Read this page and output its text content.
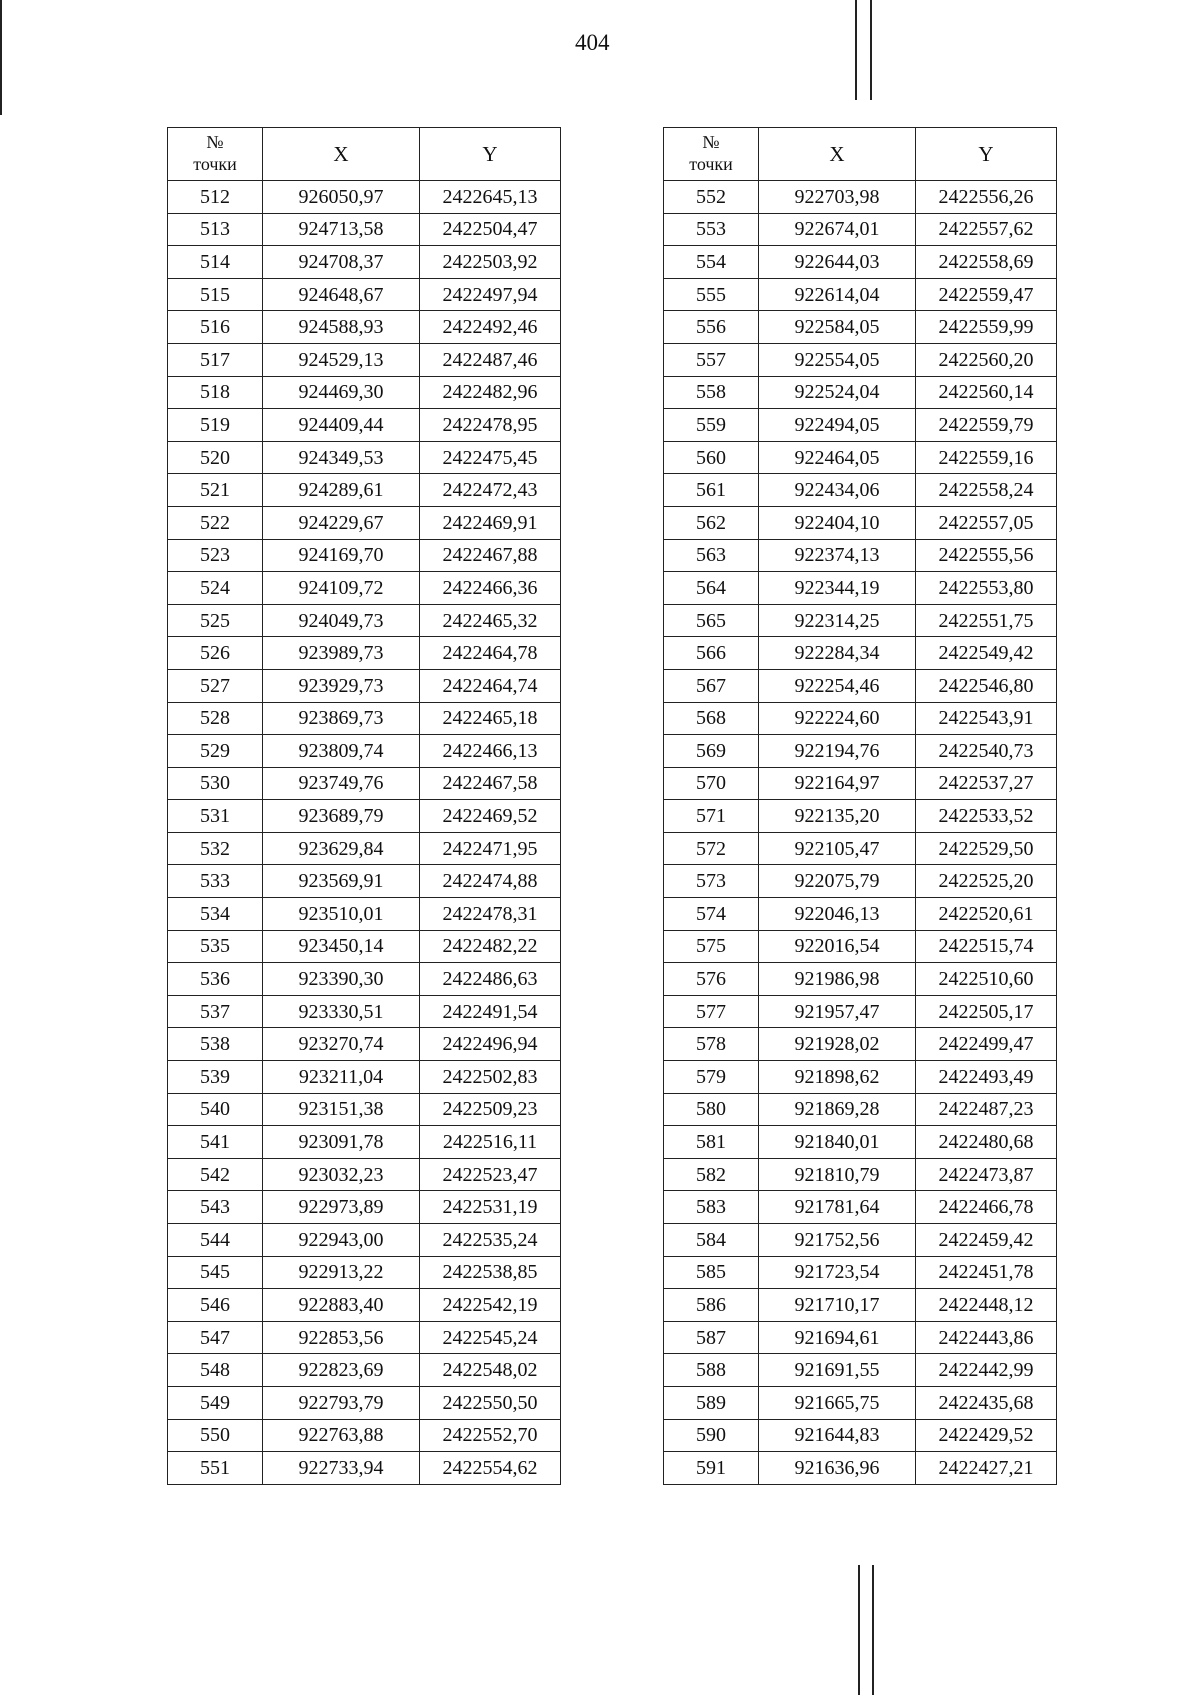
404
№
точки	X	Y
512	926050,97	2422645,13
513	924713,58	2422504,47
514	924708,37	2422503,92
515	924648,67	2422497,94
516	924588,93	2422492,46
517	924529,13	2422487,46
518	924469,30	2422482,96
519	924409,44	2422478,95
520	924349,53	2422475,45
521	924289,61	2422472,43
522	924229,67	2422469,91
523	924169,70	2422467,88
524	924109,72	2422466,36
525	924049,73	2422465,32
526	923989,73	2422464,78
527	923929,73	2422464,74
528	923869,73	2422465,18
529	923809,74	2422466,13
530	923749,76	2422467,58
531	923689,79	2422469,52
532	923629,84	2422471,95
533	923569,91	2422474,88
534	923510,01	2422478,31
535	923450,14	2422482,22
536	923390,30	2422486,63
537	923330,51	2422491,54
538	923270,74	2422496,94
539	923211,04	2422502,83
540	923151,38	2422509,23
541	923091,78	2422516,11
542	923032,23	2422523,47
543	922973,89	2422531,19
544	922943,00	2422535,24
545	922913,22	2422538,85
546	922883,40	2422542,19
547	922853,56	2422545,24
548	922823,69	2422548,02
549	922793,79	2422550,50
550	922763,88	2422552,70
551	922733,94	2422554,62
№
точки	X	Y
552	922703,98	2422556,26
553	922674,01	2422557,62
554	922644,03	2422558,69
555	922614,04	2422559,47
556	922584,05	2422559,99
557	922554,05	2422560,20
558	922524,04	2422560,14
559	922494,05	2422559,79
560	922464,05	2422559,16
561	922434,06	2422558,24
562	922404,10	2422557,05
563	922374,13	2422555,56
564	922344,19	2422553,80
565	922314,25	2422551,75
566	922284,34	2422549,42
567	922254,46	2422546,80
568	922224,60	2422543,91
569	922194,76	2422540,73
570	922164,97	2422537,27
571	922135,20	2422533,52
572	922105,47	2422529,50
573	922075,79	2422525,20
574	922046,13	2422520,61
575	922016,54	2422515,74
576	921986,98	2422510,60
577	921957,47	2422505,17
578	921928,02	2422499,47
579	921898,62	2422493,49
580	921869,28	2422487,23
581	921840,01	2422480,68
582	921810,79	2422473,87
583	921781,64	2422466,78
584	921752,56	2422459,42
585	921723,54	2422451,78
586	921710,17	2422448,12
587	921694,61	2422443,86
588	921691,55	2422442,99
589	921665,75	2422435,68
590	921644,83	2422429,52
591	921636,96	2422427,21
